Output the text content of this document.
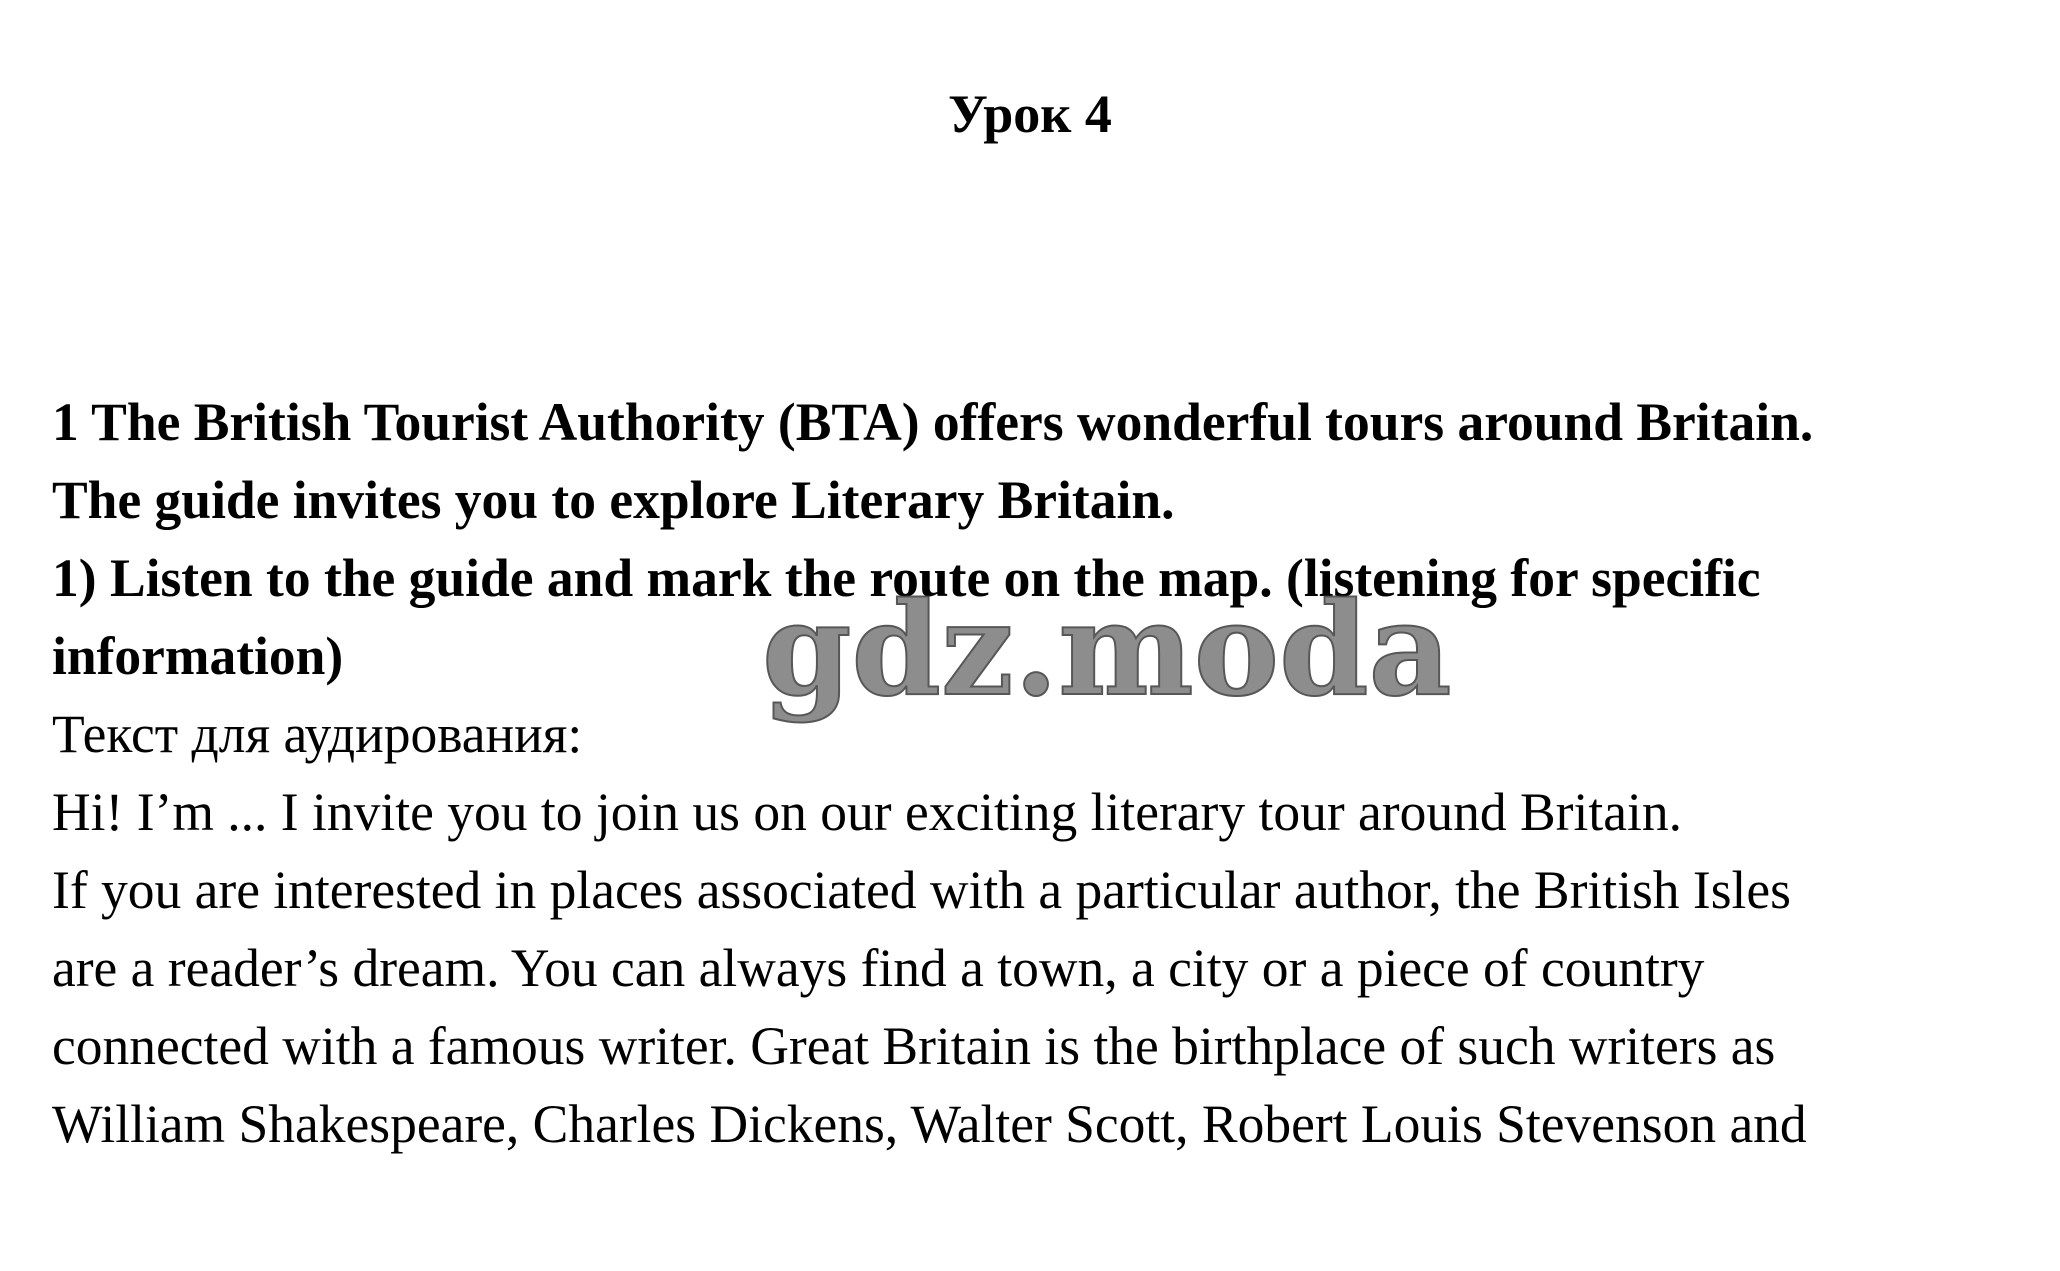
Урок 4
1 The British Tourist Authority (BTA) offers wonderful tours around Britain.
The guide invites you to explore Literary Britain.
1) Listen to the guide and mark the route on the map. (listening for specific
information)
Текст для аудирования:
Hi! I’m ... I invite you to join us on our exciting literary tour around Britain.
If you are interested in places associated with a particular author, the British Isles
are a reader’s dream. You can always find a town, a city or a piece of country
connected with a famous writer. Great Britain is the birthplace of such writers as
William Shakespeare, Charles Dickens, Walter Scott, Robert Louis Stevenson and
gdz.moda
